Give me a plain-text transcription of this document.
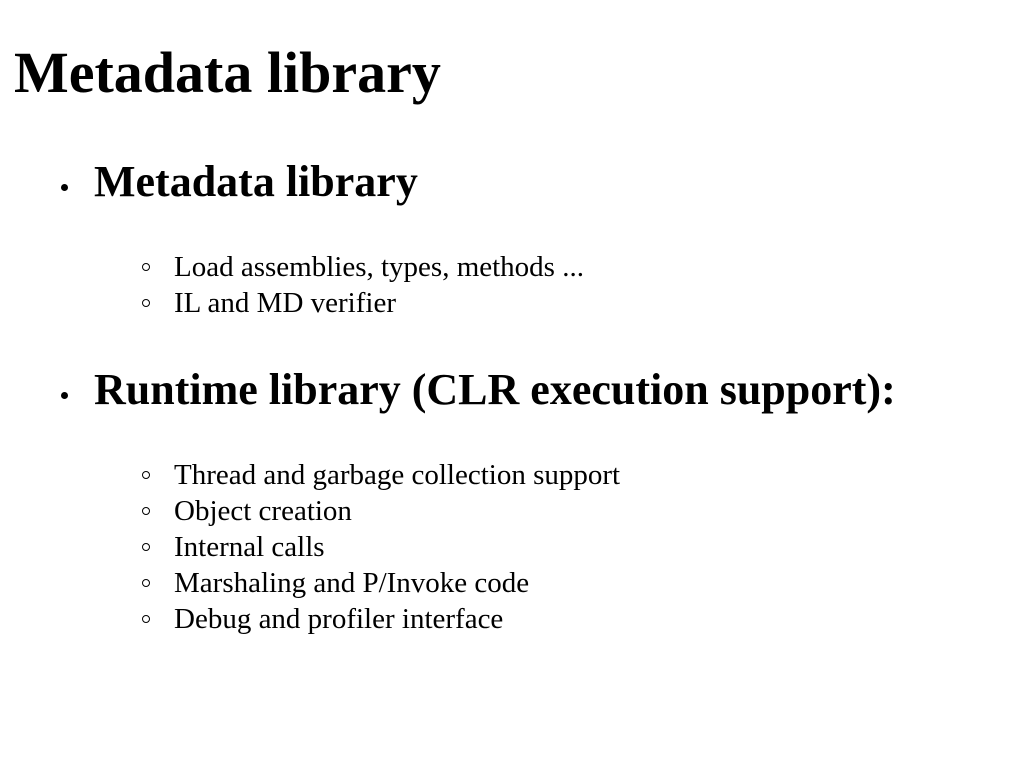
Metadata library
Metadata library
Load assemblies, types, methods ...
IL and MD verifier
Runtime library (CLR execution support):
Thread and garbage collection support
Object creation
Internal calls
Marshaling and P/Invoke code
Debug and profiler interface
